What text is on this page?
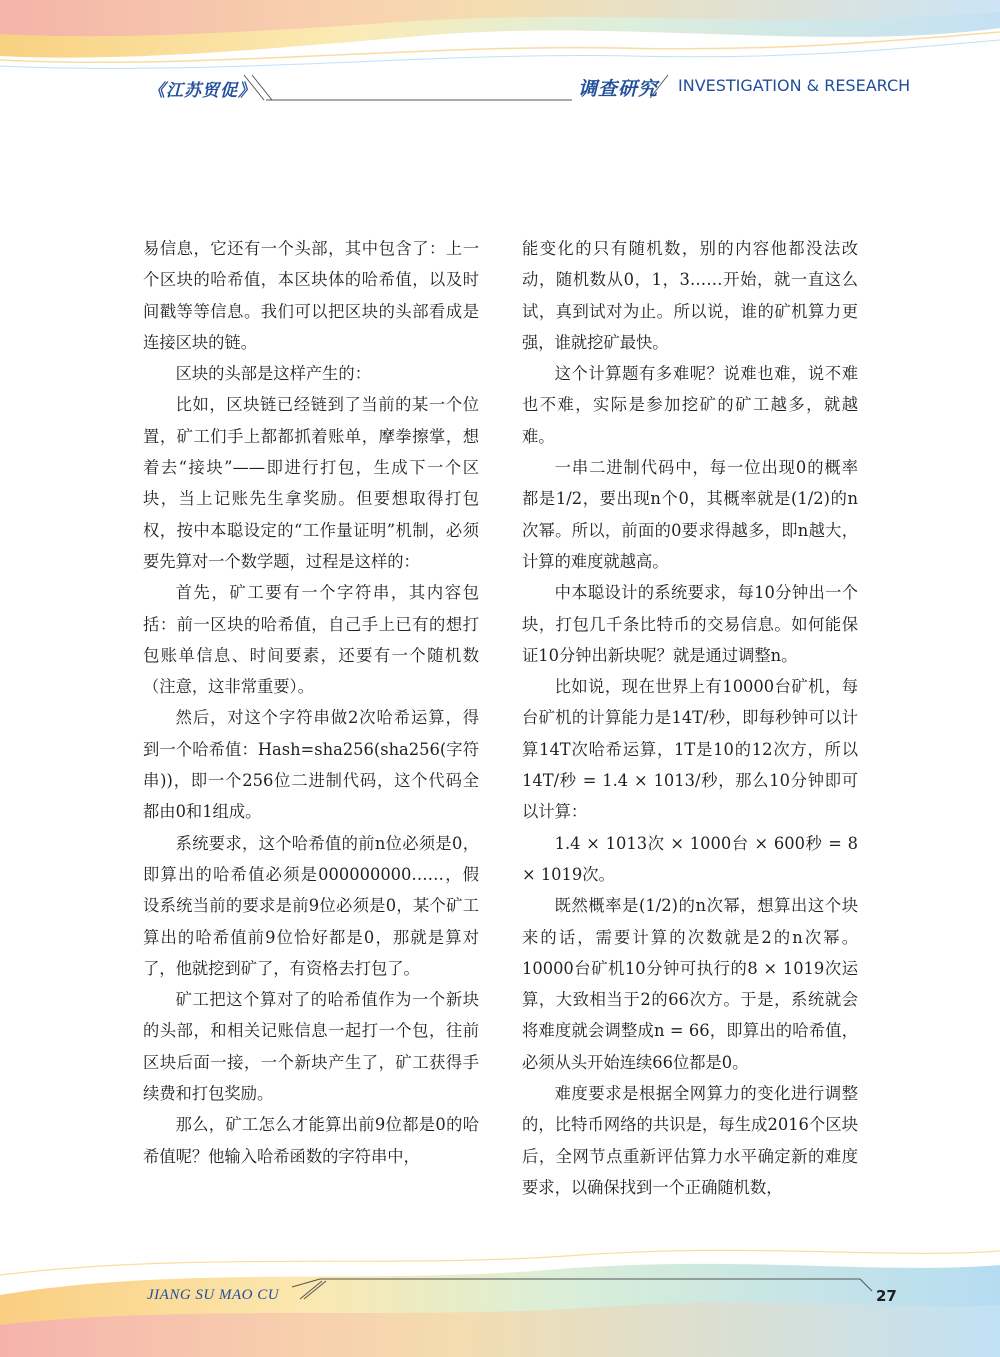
《江苏贸促》	调查研究 INVESTIGATION & RESEARCH

易信息，它还有一个头部，其中包含了：上一个区块的哈希值，本区块体的哈希值，以及时间戳等等信息。我们可以把区块的头部看成是连接区块的链。

区块的头部是这样产生的：

比如，区块链已经链到了当前的某一个位置，矿工们手上都都抓着账单，摩拳擦掌，想着去“接块”——即进行打包，生成下一个区块，当上记账先生拿奖励。但要想取得打包权，按中本聪设定的“工作量证明”机制，必须要先算对一个数学题，过程是这样的：

首先，矿工要有一个字符串，其内容包括：前一区块的哈希值，自己手上已有的想打包账单信息、时间要素，还要有一个随机数（注意，这非常重要）。

然后，对这个字符串做2次哈希运算，得到一个哈希值：Hash=sha256(sha256(字符串))，即一个256位二进制代码，这个代码全都由0和1组成。

系统要求，这个哈希值的前n位必须是0，即算出的哈希值必须是000000000……，假设系统当前的要求是前9位必须是0，某个矿工算出的哈希值前9位恰好都是0，那就是算对了，他就挖到矿了，有资格去打包了。

矿工把这个算对了的哈希值作为一个新块的头部，和相关记账信息一起打一个包，往前区块后面一接，一个新块产生了，矿工获得手续费和打包奖励。

那么，矿工怎么才能算出前9位都是0的哈希值呢？他输入哈希函数的字符串中，

能变化的只有随机数，别的内容他都没法改动，随机数从0，1，3……开始，就一直这么试，真到试对为止。所以说，谁的矿机算力更强，谁就挖矿最快。

这个计算题有多难呢？说难也难，说不难也不难，实际是参加挖矿的矿工越多，就越难。

一串二进制代码中，每一位出现0的概率都是1/2，要出现n个0，其概率就是(1/2)的n次幂。所以，前面的0要求得越多，即n越大，计算的难度就越高。

中本聪设计的系统要求，每10分钟出一个块，打包几千条比特币的交易信息。如何能保证10分钟出新块呢？就是通过调整n。

比如说，现在世界上有10000台矿机，每台矿机的计算能力是14T/秒，即每秒钟可以计算14T次哈希运算，1T是10的12次方，所以14T/秒 = 1.4 × 1013/秒，那么10分钟即可以计算：

1.4 × 1013次 × 1000台 × 600秒 = 8 × 1019次。

既然概率是(1/2)的n次幂，想算出这个块来的话，需要计算的次数就是2的n次幂。10000台矿机10分钟可执行的8 × 1019次运算，大致相当于2的66次方。于是，系统就会将难度就会调整成n = 66，即算出的哈希值，必须从头开始连续66位都是0。

难度要求是根据全网算力的变化进行调整的，比特币网络的共识是，每生成2016个区块后，全网节点重新评估算力水平确定新的难度要求，以确保找到一个正确随机数，

JIANG SU MAO CU	27
